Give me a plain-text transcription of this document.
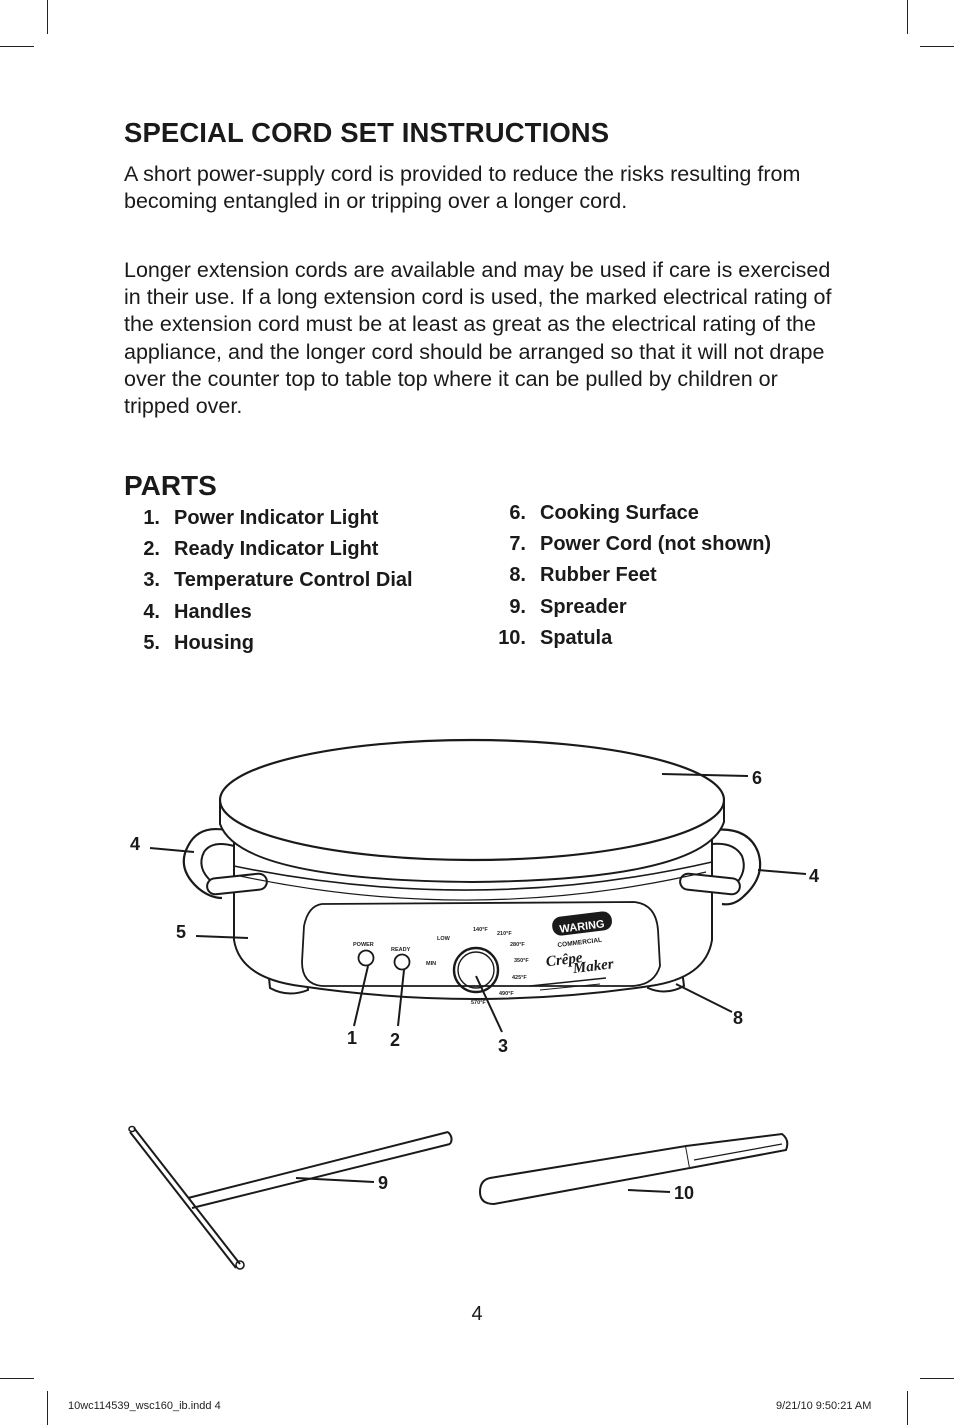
SPECIAL CORD SET INSTRUCTIONS

A short power-supply cord is provided to reduce the risks resulting from becoming entangled in or tripping over a longer cord.

Longer extension cords are available and may be used if care is exercised in their use. If a long extension cord is used, the marked electrical rating of the extension cord must be at least as great as the electrical rating of the appliance, and the longer cord should be arranged so that it will not drape over the counter top to table top where it can be pulled by children or tripped over.

PARTS
1. Power Indicator Light
2. Ready Indicator Light
3. Temperature Control Dial
4. Handles
5. Housing
6. Cooking Surface
7. Power Cord (not shown)
8. Rubber Feet
9. Spreader
10. Spatula
1 2	3
4
4
5
6
8
9	10
POWER
READY
LOW
MIN
140°F
210°F
280°F
350°F
425°F
490°F
570°F
WARING
COMMERCIAL
Crêpe
Maker
4
10wc114539_wsc160_ib.indd 4	9/21/10 9:50:21 AM
